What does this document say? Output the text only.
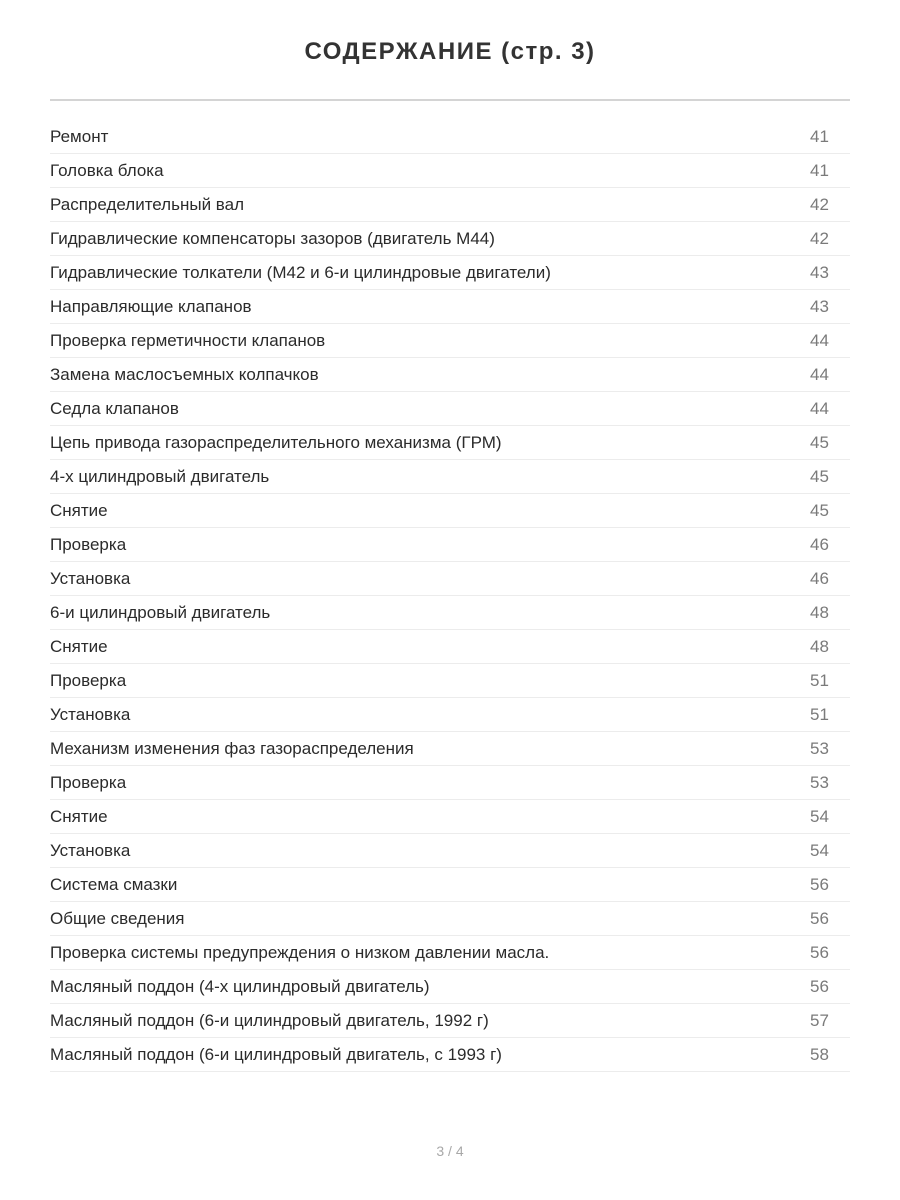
СОДЕРЖАНИЕ (стр. 3)
Ремонт	41
Головка блока	41
Распределительный вал	42
Гидравлические компенсаторы зазоров (двигатель М44)	42
Гидравлические толкатели (М42 и 6-и цилиндровые двигатели)	43
Направляющие клапанов	43
Проверка герметичности клапанов	44
Замена маслосъемных колпачков	44
Седла клапанов	44
Цепь привода газораспределительного механизма (ГРМ)	45
4-х цилиндровый двигатель	45
Снятие	45
Проверка	46
Установка	46
6-и цилиндровый двигатель	48
Снятие	48
Проверка	51
Установка	51
Механизм изменения фаз газораспределения	53
Проверка	53
Снятие	54
Установка	54
Система смазки	56
Общие сведения	56
Проверка системы предупреждения о низком давлении масла.	56
Масляный поддон (4-х цилиндровый двигатель)	56
Масляный поддон (6-и цилиндровый двигатель, 1992 г)	57
Масляный поддон (6-и цилиндровый двигатель, с 1993 г)	58
3 / 4
